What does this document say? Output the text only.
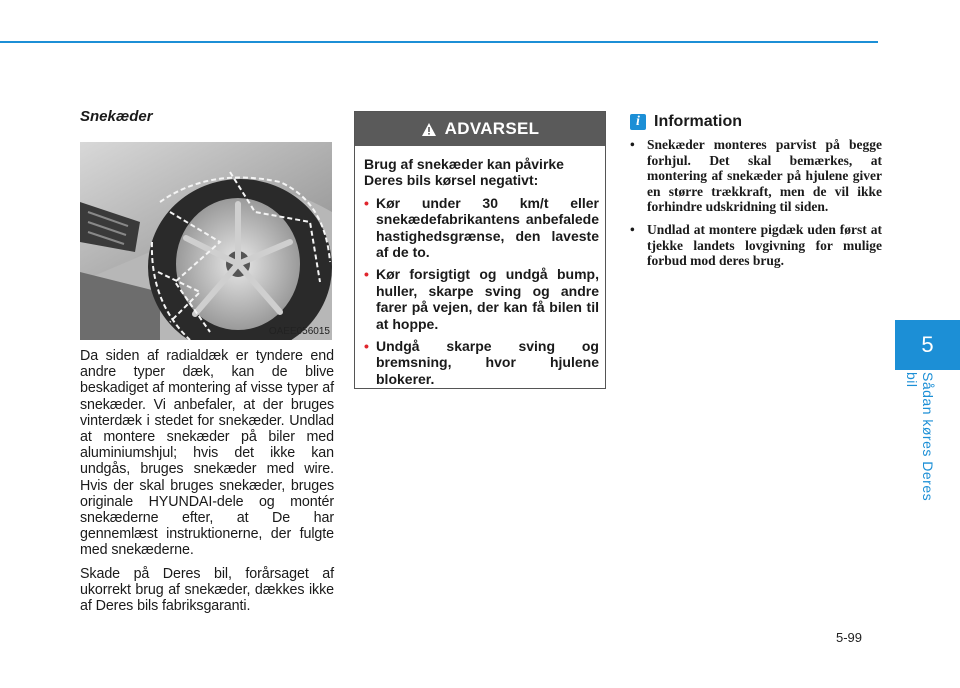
Snekæder
OAEE056015

Da siden af radialdæk er tyndere end andre typer dæk, kan de blive beskadiget af montering af visse typer af snekæder. Vi anbefaler, at der bruges vinterdæk i stedet for snekæder. Undlad at montere snekæder på biler med aluminiumshjul; hvis det ikke kan undgås, bruges snekæder med wire. Hvis der skal bruges snekæder, bruges originale HYUNDAI-dele og montér snekæderne efter, at De har gennemlæst instruktionerne, der fulgte med snekæderne.

Skade på Deres bil, forårsaget af ukorrekt brug af snekæder, dækkes ikke af Deres bils fabriksgaranti.

ADVARSEL

Brug af snekæder kan påvirke Deres bils kørsel negativt:

• Kør under 30 km/t eller snekædefabrikantens anbefalede hastighedsgrænse, den laveste af de to.
• Kør forsigtigt og undgå bump, huller, skarpe sving og andre farer på vejen, der kan få bilen til at hoppe.
• Undgå skarpe sving og bremsning, hvor hjulene blokerer.
i Information
• Snekæder monteres parvist på begge forhjul. Det skal bemærkes, at montering af snekæder på hjulene giver en større trækkraft, men de vil ikke forhindre udskridning til siden.
• Undlad at montere pigdæk uden først at tjekke landets lovgivning for mulige forbud mod deres brug.
5
Sådan køres Deres bil
5-99
